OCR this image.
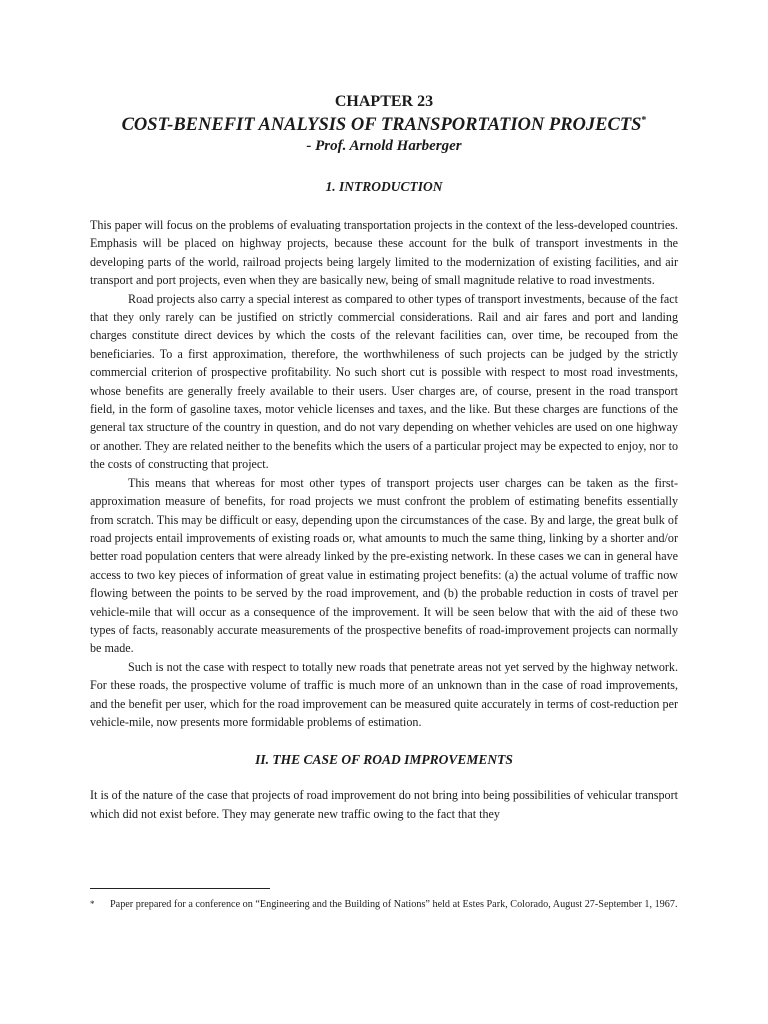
CHAPTER 23
COST-BENEFIT ANALYSIS OF TRANSPORTATION PROJECTS*
- Prof. Arnold Harberger
1. INTRODUCTION

This paper will focus on the problems of evaluating transportation projects in the context of the less-developed countries. Emphasis will be placed on highway projects, because these account for the bulk of transport investments in the developing parts of the world, railroad projects being largely limited to the modernization of existing facilities, and air transport and port projects, even when they are basically new, being of small magnitude relative to road investments.

Road projects also carry a special interest as compared to other types of transport investments, because of the fact that they only rarely can be justified on strictly commercial considerations. Rail and air fares and port and landing charges constitute direct devices by which the costs of the relevant facilities can, over time, be recouped from the beneficiaries. To a first approximation, therefore, the worthwhileness of such projects can be judged by the strictly commercial criterion of prospective profitability. No such short cut is possible with respect to most road investments, whose benefits are generally freely available to their users. User charges are, of course, present in the road transport field, in the form of gasoline taxes, motor vehicle licenses and taxes, and the like. But these charges are functions of the general tax structure of the country in question, and do not vary depending on whether vehicles are used on one highway or another. They are related neither to the benefits which the users of a particular project may be expected to enjoy, nor to the costs of constructing that project.

This means that whereas for most other types of transport projects user charges can be taken as the first-approximation measure of benefits, for road projects we must confront the problem of estimating benefits essentially from scratch. This may be difficult or easy, depending upon the circumstances of the case. By and large, the great bulk of road projects entail improvements of existing roads or, what amounts to much the same thing, linking by a shorter and/or better road population centers that were already linked by the pre-existing network. In these cases we can in general have access to two key pieces of information of great value in estimating project benefits: (a) the actual volume of traffic now flowing between the points to be served by the road improvement, and (b) the probable reduction in costs of travel per vehicle-mile that will occur as a consequence of the improvement. It will be seen below that with the aid of these two types of facts, reasonably accurate measurements of the prospective benefits of road-improvement projects can normally be made.

Such is not the case with respect to totally new roads that penetrate areas not yet served by the highway network. For these roads, the prospective volume of traffic is much more of an unknown than in the case of road improvements, and the benefit per user, which for the road improvement can be measured quite accurately in terms of cost-reduction per vehicle-mile, now presents more formidable problems of estimation.

II. THE CASE OF ROAD IMPROVEMENTS

It is of the nature of the case that projects of road improvement do not bring into being possibilities of vehicular transport which did not exist before. They may generate new traffic owing to the fact that they

*	Paper prepared for a conference on “Engineering and the Building of Nations” held at Estes Park, Colorado, August 27-September 1, 1967.
